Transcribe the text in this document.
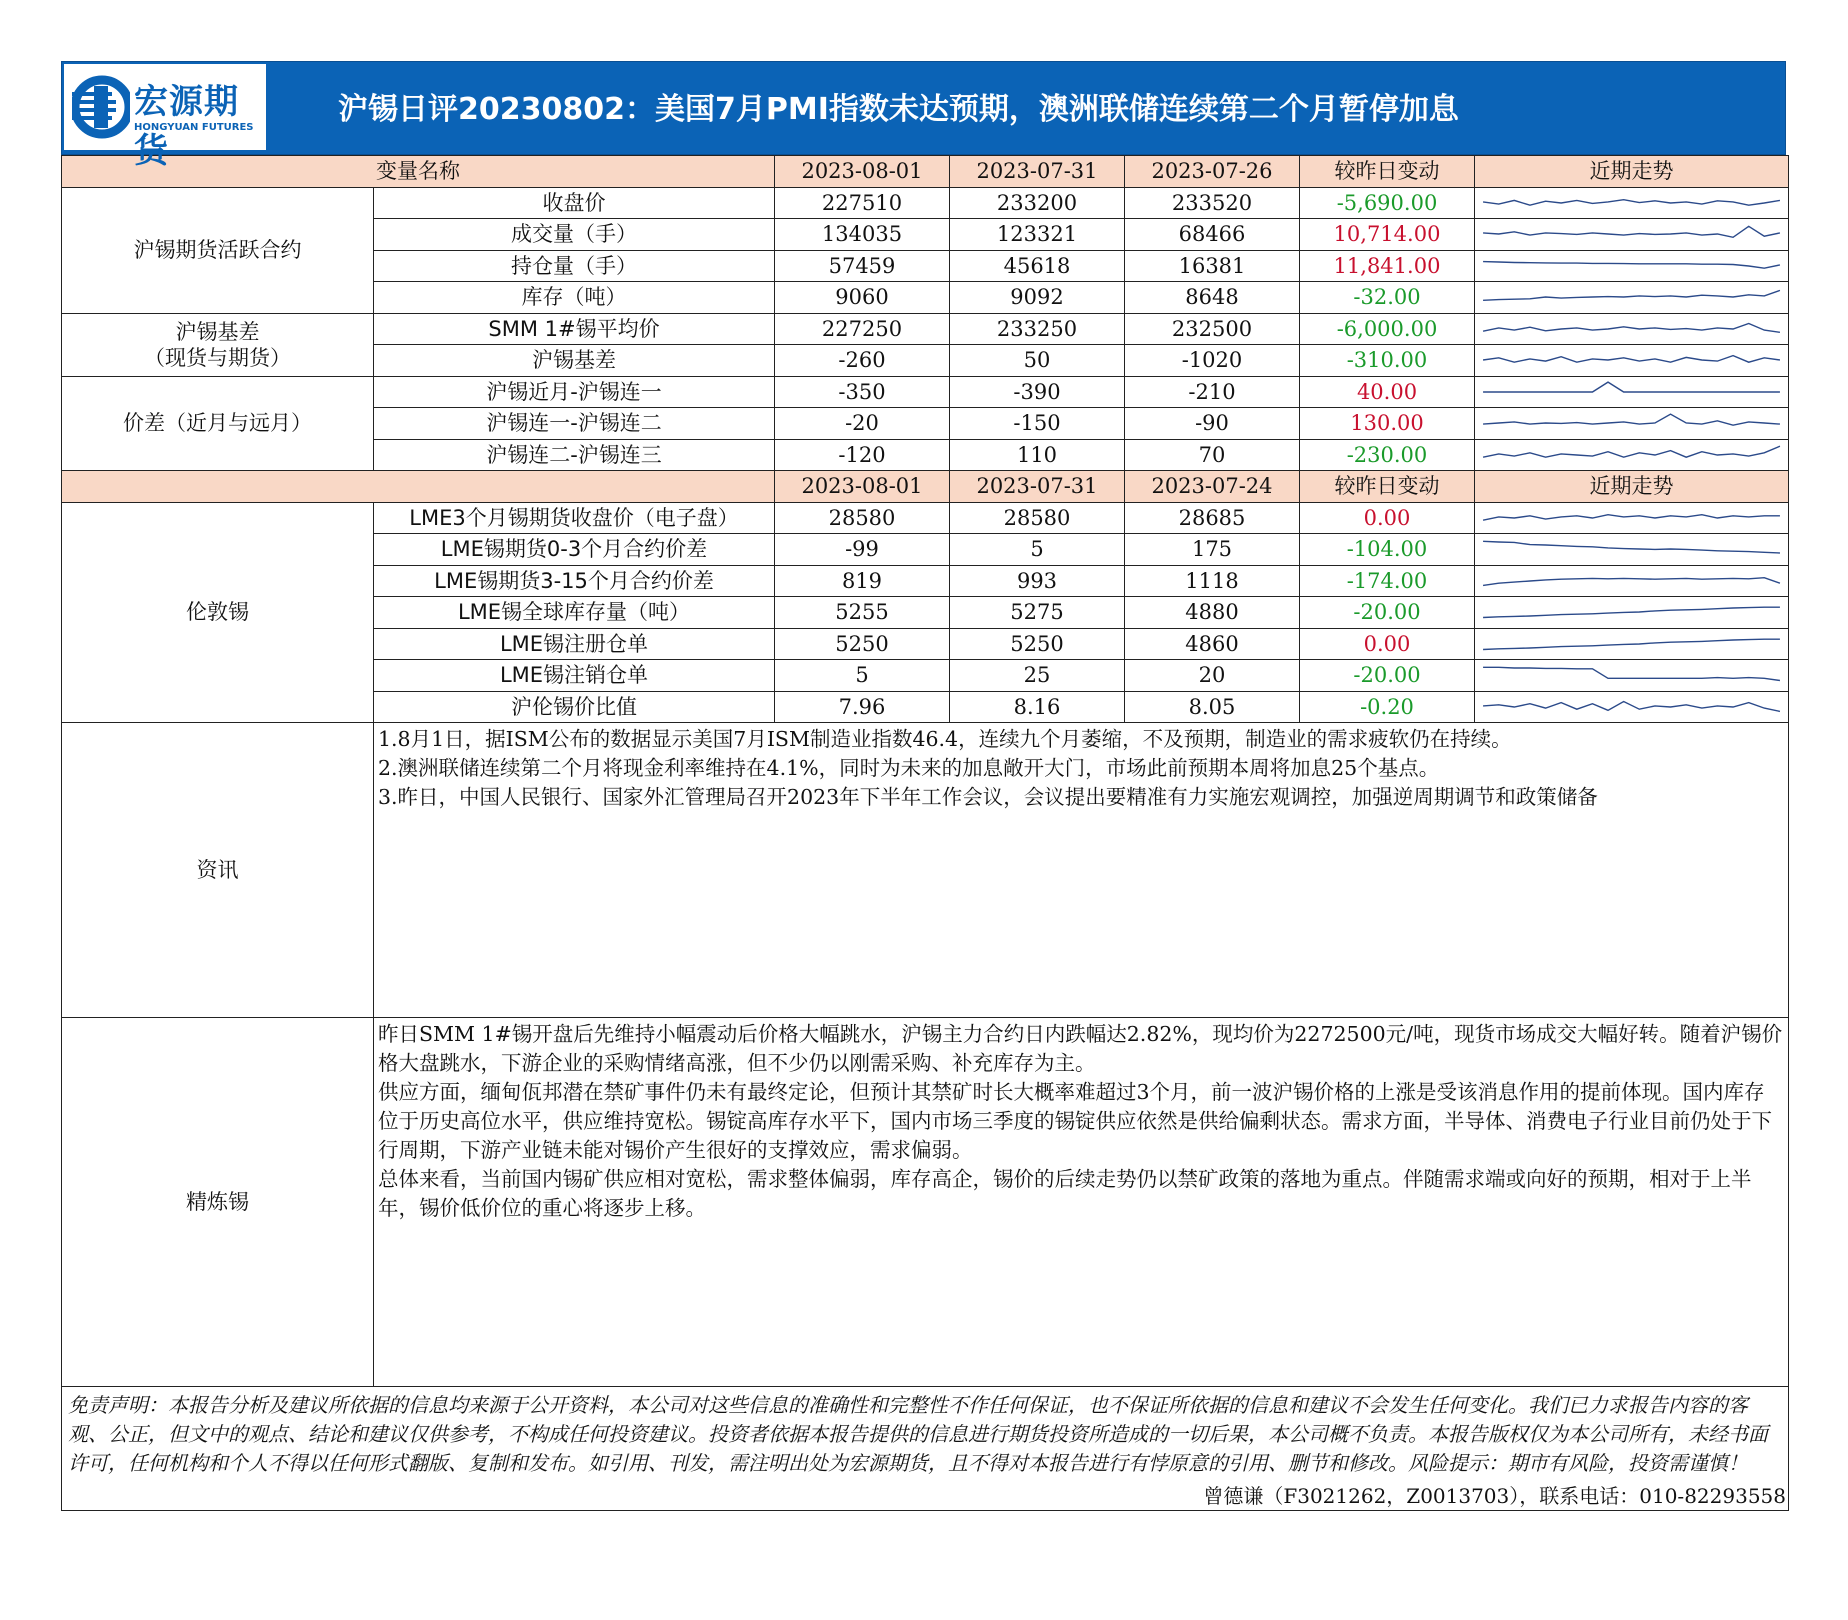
宏源期货
HONGYUAN FUTURES
沪锡日评20230802：美国7月PMI指数未达预期，澳洲联储连续第二个月暂停加息
变量名称		2023-08-01	2023-07-31	2023-07-26	较昨日变动	近期走势
沪锡期货活跃合约	收盘价	227510	233200	233520	-5,690.00	

	成交量（手）	134035	123321	68466	10,714.00	

	持仓量（手）	57459	45618	16381	11,841.00	

	库存（吨）	9060	9092	8648	-32.00	

沪锡基差
（现货与期货）	SMM 1#锡平均价	227250	233250	232500	-6,000.00	

	沪锡基差	-260	50	-1020	-310.00	

价差（近月与远月）	沪锡近月-沪锡连一	-350	-390	-210	40.00	

	沪锡连一-沪锡连二	-20	-150	-90	130.00	

	沪锡连二-沪锡连三	-120	110	70	-230.00	

		2023-08-01	2023-07-31	2023-07-24	较昨日变动	近期走势
伦敦锡	LME3个月锡期货收盘价（电子盘）	28580	28580	28685	0.00	

	LME锡期货0-3个月合约价差	-99	5	175	-104.00	

	LME锡期货3-15个月合约价差	819	993	1118	-174.00	

	LME锡全球库存量（吨）	5255	5275	4880	-20.00	

	LME锡注册仓单	5250	5250	4860	0.00	

	LME锡注销仓单	5	25	20	-20.00	

	沪伦锡价比值	7.96	8.16	8.05	-0.20	

资讯	1.8月1日，据ISM公布的数据显示美国7月ISM制造业指数46.4，连续九个月萎缩，不及预期，制造业的需求疲软仍在持续。

2.澳洲联储连续第二个月将现金利率维持在4.1%，同时为未来的加息敞开大门，市场此前预期本周将加息25个基点。

3.昨日，中国人民银行、国家外汇管理局召开2023年下半年工作会议，会议提出要精准有力实施宏观调控，加强逆周期调节和政策储备					

精炼锡	昨日SMM 1#锡开盘后先维持小幅震动后价格大幅跳水，沪锡主力合约日内跌幅达2.82%，现均价为2272500元/吨，现货市场成交大幅好转。随着沪锡价格大盘跳水，下游企业的采购情绪高涨，但不少仍以刚需采购、补充库存为主。

供应方面，缅甸佤邦潜在禁矿事件仍未有最终定论，但预计其禁矿时长大概率难超过3个月，前一波沪锡价格的上涨是受该消息作用的提前体现。国内库存位于历史高位水平，供应维持宽松。锡锭高库存水平下，国内市场三季度的锡锭供应依然是供给偏剩状态。需求方面，半导体、消费电子行业目前仍处于下行周期，下游产业链未能对锡价产生很好的支撑效应，需求偏弱。

总体来看，当前国内锡矿供应相对宽松，需求整体偏弱，库存高企，锡价的后续走势仍以禁矿政策的落地为重点。伴随需求端或向好的预期，相对于上半年，锡价低价位的重心将逐步上移。					

免责声明：本报告分析及建议所依据的信息均来源于公开资料，本公司对这些信息的准确性和完整性不作任何保证，也不保证所依据的信息和建议不会发生任何变化。我们已力求报告内容的客观、公正，但文中的观点、结论和建议仅供参考，不构成任何投资建议。投资者依据本报告提供的信息进行期货投资所造成的一切后果，本公司概不负责。本报告版权仅为本公司所有，未经书面许可，任何机构和个人不得以任何形式翻版、复制和发布。如引用、刊发，需注明出处为宏源期货，且不得对本报告进行有悖原意的引用、删节和修改。风险提示：期市有风险，投资需谨慎！						
曾德谦（F3021262，Z0013703），联系电话：010-82293558						
